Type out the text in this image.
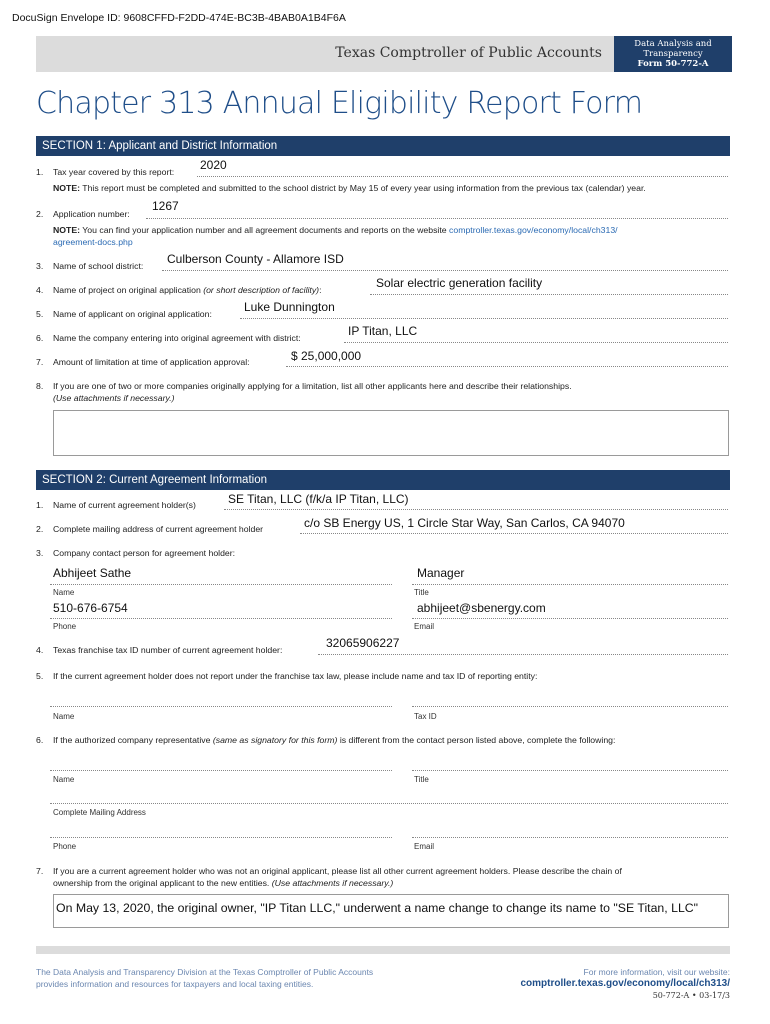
DocuSign Envelope ID: 9608CFFD-F2DD-474E-BC3B-4BAB0A1B4F6A
Texas Comptroller of Public Accounts
Data Analysis and
Transparency
Form 50-772-A
Chapter 313 Annual Eligibility Report Form
SECTION 1: Applicant and District Information
1. Tax year covered by this report: 2020
NOTE: This report must be completed and submitted to the school district by May 15 of every year using information from the previous tax (calendar) year.
2. Application number:
1267
NOTE: You can find your application number and all agreement documents and reports on the website comptroller.texas.gov/economy/local/ch313/
agreement-docs.php
3. Name of school district: Culberson County - Allamore ISD
4. Name of project on original application (or short description of facility):	Solar electric generation facility
5. Name of applicant on original application:	Luke Dunnington
6. Name the company entering into original agreement with district:	IP Titan, LLC
7. Amount of limitation at time of application approval:	$ 25,000,000
8. If you are one of two or more companies originally applying for a limitation, list all other applicants here and describe their relationships.
(Use attachments if necessary.)
SECTION 2: Current Agreement Information
1. Name of current agreement holder(s)	SE Titan, LLC (f/k/a IP Titan, LLC)
2. Complete mailing address of current agreement holder	c/o SB Energy US, 1 Circle Star Way, San Carlos, CA 94070
3. Company contact person for agreement holder:
Abhijeet Sathe
Name
Manager
Title
510-676-6754
Phone
abhijeet@sbenergy.com
Email
4. Texas franchise tax ID number of current agreement holder:	32065906227
5. If the current agreement holder does not report under the franchise tax law, please include name and tax ID of reporting entity:
Name	Tax ID
6. If the authorized company representative (same as signatory for this form) is different from the contact person listed above, complete the following:
Name	Title
Complete Mailing Address
Phone	Email
7. If you are a current agreement holder who was not an original applicant, please list all other current agreement holders. Please describe the chain of
ownership from the original applicant to the new entities. (Use attachments if necessary.)
On May 13, 2020, the original owner, "IP Titan LLC," underwent a name change to change its name to "SE Titan, LLC"
The Data Analysis and Transparency Division at the Texas Comptroller of Public Accounts
provides information and resources for taxpayers and local taxing entities.
For more information, visit our website:
comptroller.texas.gov/economy/local/ch313/
50-772-A • 03-17/3
